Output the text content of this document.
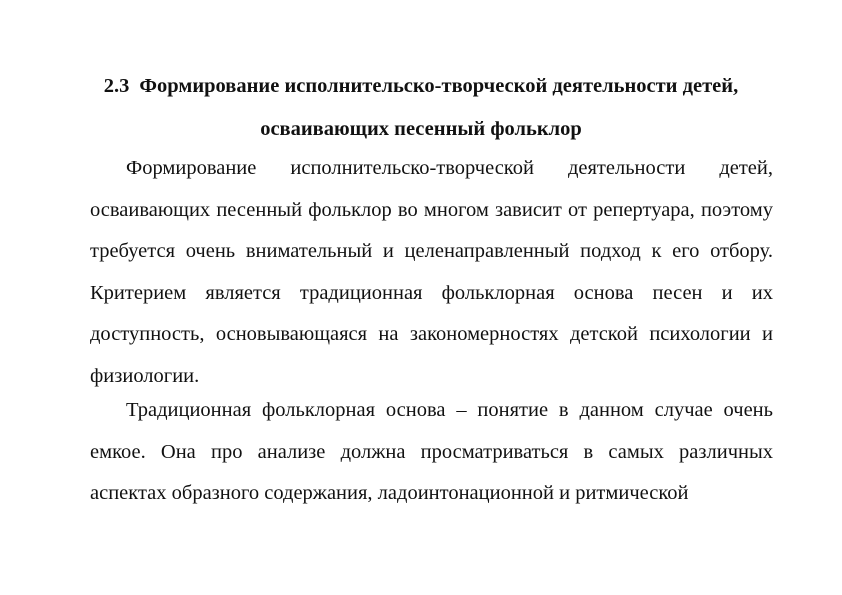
2.3 Формирование исполнительско-творческой деятельности детей,
осваивающих песенный фольклор

Формирование исполнительско-творческой деятельности детей, осваивающих песенный фольклор во многом зависит от репертуара, поэтому требуется очень внимательный и целенаправленный подход к его отбору. Критерием является традиционная фольклорная основа песен и их доступность, основывающаяся на закономерностях детской психологии и физиологии.

Традиционная фольклорная основа – понятие в данном случае очень емкое. Она про анализе должна просматриваться в самых различных аспектах образного содержания, ладоинтонационной и ритмической
